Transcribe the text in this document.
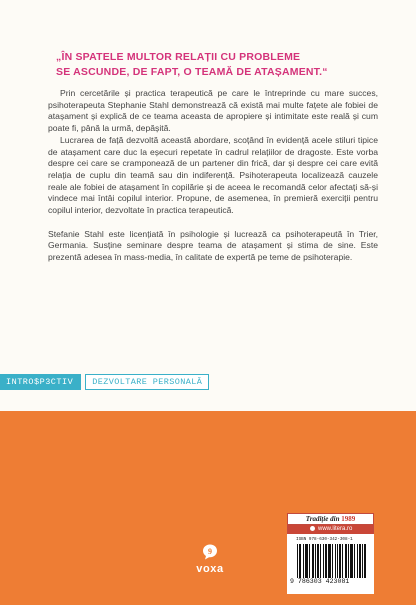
„ÎN SPATELE MULTOR RELAȚII CU PROBLEME
SE ASCUNDE, DE FAPT, O TEAMĂ DE ATAȘAMENT.“

Prin cercetările și practica terapeutică pe care le întreprinde cu mare succes, psihoterapeuta Stephanie Stahl demonstrează că există mai multe fațete ale fobiei de atașament și explică de ce teama aceasta de apropiere și intimitate este reală și cum poate fi, până la urmă, depășită.

Lucrarea de față dezvoltă această abordare, scoțând în evidență acele stiluri tipice de atașament care duc la eșecuri repetate în cadrul relațiilor de dragoste. Este vorba despre cei care se cramponează de un partener din frică, dar și despre cei care evită relația de cuplu din teamă sau din indiferență. Psihoterapeuta localizează cauzele reale ale fobiei de atașament în copilărie și de aceea le recomandă celor afectați să-și vindece mai întâi copilul interior. Propune, de asemenea, în premieră exerciții pentru copilul interior, dezvoltate în practica terapeutică.

Stefanie Stahl este licențiată în psihologie și lucrează ca psihoterapeută în Trier, Germania. Susține seminare despre teama de atașament și stima de sine. Este prezentă adesea în mass-media, în calitate de expertă pe teme de psihoterapie.

INTRO$P3CTIV	DEZVOLTARE PERSONALĂ
9
voxa
Tradiție din 1989
www.litera.ro
ISBN 978-630-342-308-1
9 786303 423081
